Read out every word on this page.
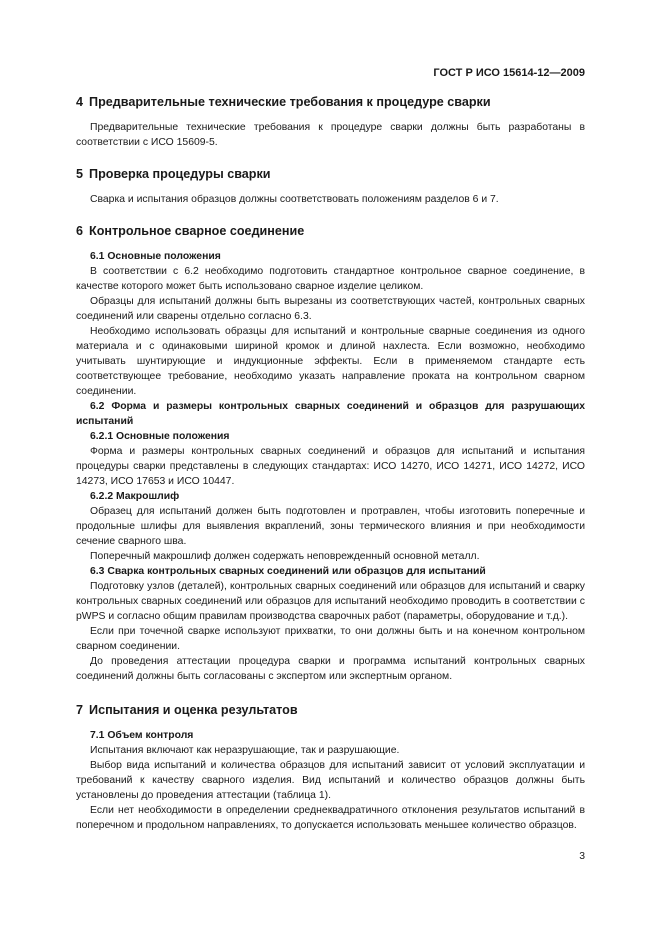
ГОСТ Р ИСО 15614-12—2009
4 Предварительные технические требования к процедуре сварки

Предварительные технические требования к процедуре сварки должны быть разработаны в соответствии с ИСО 15609-5.

5 Проверка процедуры сварки

Сварка и испытания образцов должны соответствовать положениям разделов 6 и 7.

6 Контрольное сварное соединение
6.1 Основные положения

В соответствии с 6.2 необходимо подготовить стандартное контрольное сварное соединение, в качестве которого может быть использовано сварное изделие целиком.

Образцы для испытаний должны быть вырезаны из соответствующих частей, контрольных сварных соединений или сварены отдельно согласно 6.3.

Необходимо использовать образцы для испытаний и контрольные сварные соединения из одного материала и с одинаковыми шириной кромок и длиной нахлеста. Если возможно, необходимо учитывать шунтирующие и индукционные эффекты. Если в применяемом стандарте есть соответствующее требование, необходимо указать направление проката на контрольном сварном соединении.

6.2 Форма и размеры контрольных сварных соединений и образцов для разрушающих испытаний
6.2.1 Основные положения

Форма и размеры контрольных сварных соединений и образцов для испытаний и испытания процедуры сварки представлены в следующих стандартах: ИСО 14270, ИСО 14271, ИСО 14272, ИСО 14273, ИСО 17653 и ИСО 10447.

6.2.2 Макрошлиф

Образец для испытаний должен быть подготовлен и протравлен, чтобы изготовить поперечные и продольные шлифы для выявления вкраплений, зоны термического влияния и при необходимости сечение сварного шва.

Поперечный макрошлиф должен содержать неповрежденный основной металл.

6.3 Сварка контрольных сварных соединений или образцов для испытаний

Подготовку узлов (деталей), контрольных сварных соединений или образцов для испытаний и сварку контрольных сварных соединений или образцов для испытаний необходимо проводить в соответствии с pWPS и согласно общим правилам производства сварочных работ (параметры, оборудование и т.д.).

Если при точечной сварке используют прихватки, то они должны быть и на конечном контрольном сварном соединении.

До проведения аттестации процедура сварки и программа испытаний контрольных сварных соединений должны быть согласованы с экспертом или экспертным органом.

7 Испытания и оценка результатов
7.1 Объем контроля

Испытания включают как неразрушающие, так и разрушающие.

Выбор вида испытаний и количества образцов для испытаний зависит от условий эксплуатации и требований к качеству сварного изделия. Вид испытаний и количество образцов должны быть установлены до проведения аттестации (таблица 1).

Если нет необходимости в определении среднеквадратичного отклонения результатов испытаний в поперечном и продольном направлениях, то допускается использовать меньшее количество образцов.

3
